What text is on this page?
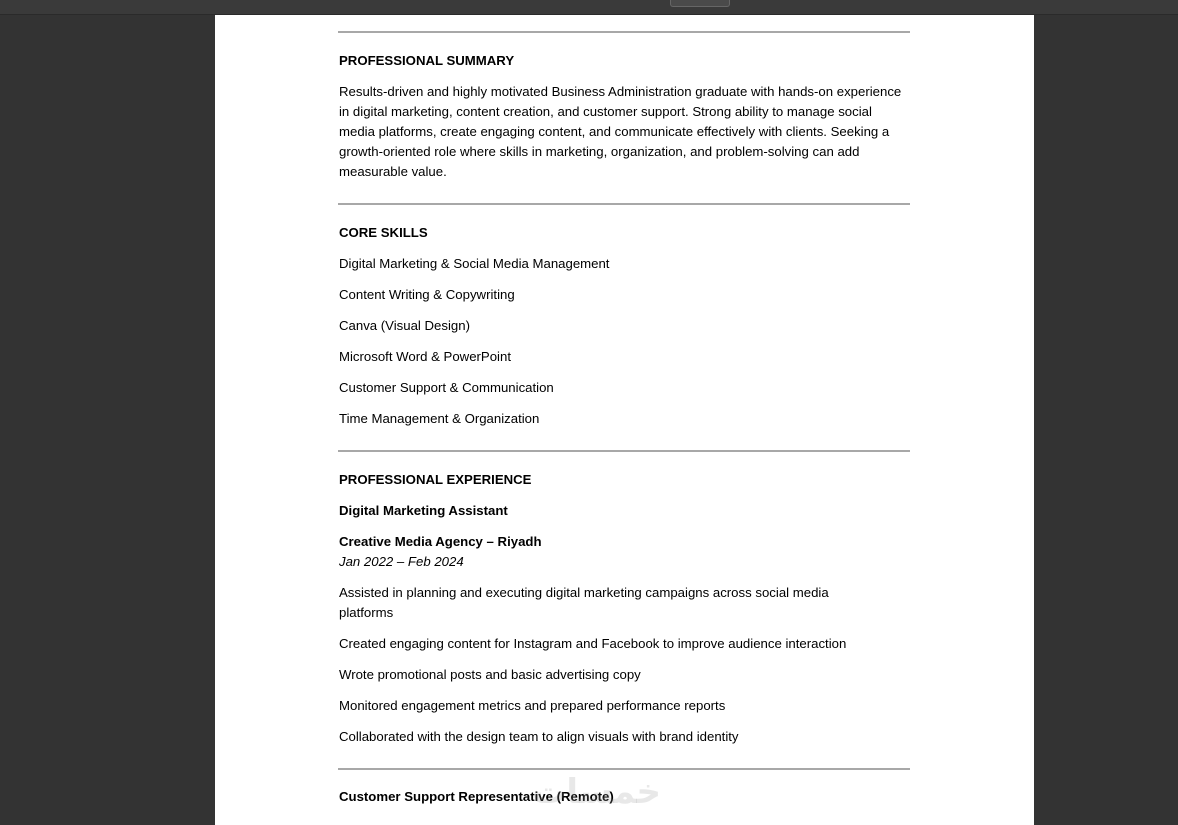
PROFESSIONAL SUMMARY
Results-driven and highly motivated Business Administration graduate with hands-on experience in digital marketing, content creation, and customer support. Strong ability to manage social media platforms, create engaging content, and communicate effectively with clients. Seeking a growth-oriented role where skills in marketing, organization, and problem-solving can add measurable value.
CORE SKILLS
Digital Marketing & Social Media Management
Content Writing & Copywriting
Canva (Visual Design)
Microsoft Word & PowerPoint
Customer Support & Communication
Time Management & Organization
PROFESSIONAL EXPERIENCE
Digital Marketing Assistant
Creative Media Agency – Riyadh
Jan 2022 – Feb 2024
Assisted in planning and executing digital marketing campaigns across social media platforms
Created engaging content for Instagram and Facebook to improve audience interaction
Wrote promotional posts and basic advertising copy
Monitored engagement metrics and prepared performance reports
Collaborated with the design team to align visuals with brand identity
Customer Support Representative (Remote)
خمسات
